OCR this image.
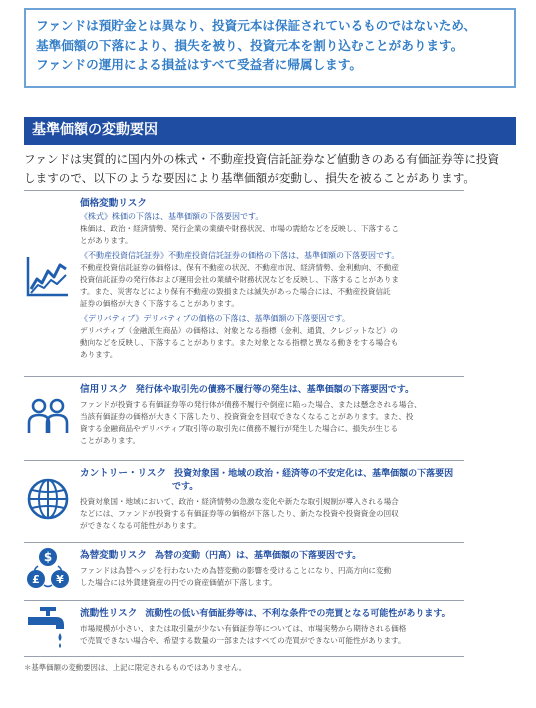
ファンドは預貯金とは異なり、投資元本は保証されているものではないため、

基準価額の下落により、損失を被り、投資元本を割り込むことがあります。

ファンドの運用による損益はすべて受益者に帰属します。

基準価額の変動要因

ファンドは実質的に国内外の株式・不動産投資信託証券など値動きのある有価証券等に投資

しますので、以下のような要因により基準価額が変動し、損失を被ることがあります。

価格変動リスク
《株式》株価の下落は、基準価額の下落要因です。

株価は、政治・経済情勢、発行企業の業績や財務状況、市場の需給などを反映し、下落するこ

とがあります。

《不動産投資信託証券》不動産投資信託証券の価格の下落は、基準価額の下落要因です。

不動産投資信託証券の価格は、保有不動産の状況、不動産市況、経済情勢、金利動向、不動産

投資信託証券の発行体および運用会社の業績や財務状況などを反映し、下落することがありま

す。また、災害などにより保有不動産の毀損または滅失があった場合には、不動産投資信託

証券の価格が大きく下落することがあります。

《デリバティブ》デリバティブの価格の下落は、基準価額の下落要因です。

デリバティブ（金融派生商品）の価格は、対象となる指標（金利、通貨、クレジットなど）の

動向などを反映し、下落することがあります。また対象となる指標と異なる動きをする場合も

あります。

信用リスク 発行体や取引先の債務不履行等の発生は、基準価額の下落要因です。

ファンドが投資する有価証券等の発行体が債務不履行や倒産に陥った場合、または懸念される場合、

当該有価証券の価格が大きく下落したり、投資資金を回収できなくなることがあります。また、投

資する金融商品やデリバティブ取引等の取引先に債務不履行が発生した場合に、損失が生じる

ことがあります。

カントリー・リスク 投資対象国・地域の政治・経済等の不安定化は、基準価額の下落要因
です。

投資対象国・地域において、政治・経済情勢の急激な変化や新たな取引規制が導入される場合

などには、ファンドが投資する有価証券等の価格が下落したり、新たな投資や投資資金の回収

ができなくなる可能性があります。

$
£ ¥
為替変動リスク 為替の変動（円高）は、基準価額の下落要因です。

ファンドは為替ヘッジを行わないため為替変動の影響を受けることになり、円高方向に変動

した場合には外貨建資産の円での資産価値が下落します。

流動性リスク 流動性の低い有価証券等は、不利な条件での売買となる可能性があります。

市場規模が小さい、または取引量が少ない有価証券等については、市場実勢から期待される価格

で売買できない場合や、希望する数量の一部またはすべての売買ができない可能性があります。

＊基準価額の変動要因は、上記に限定されるものではありません。
